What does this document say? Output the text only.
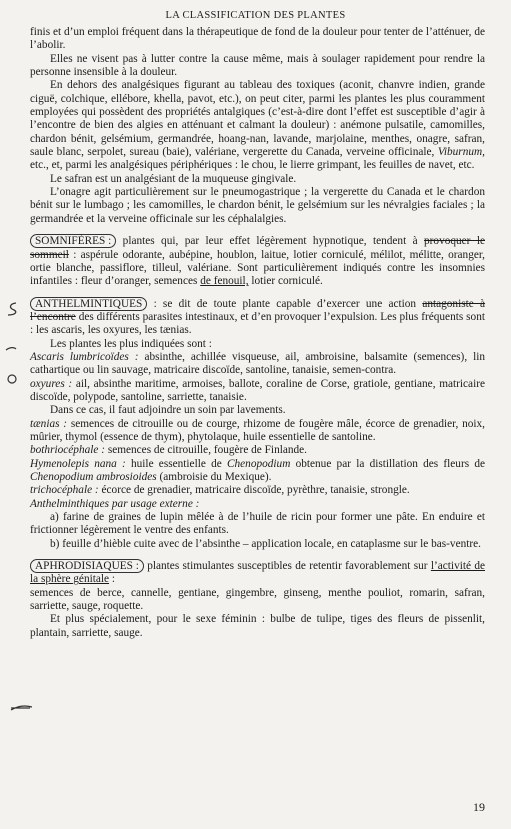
LA CLASSIFICATION DES PLANTES

finis et d’un emploi fréquent dans la thérapeutique de fond de la douleur pour tenter de l’atténuer, de l’abolir.

Elles ne visent pas à lutter contre la cause même, mais à soulager rapidement pour rendre la personne insensible à la douleur.

En dehors des analgésiques figurant au tableau des toxiques (aconit, chanvre indien, grande ciguë, colchique, ellébore, khella, pavot, etc.), on peut citer, parmi les plantes les plus couramment employées qui possèdent des propriétés antalgiques (c’est-à-dire dont l’effet est susceptible d’agir à l’encontre de bien des algies en atténuant et calmant la douleur) : anémone pulsatile, camomilles, chardon bénit, gelsémium, germandrée, hoang-nan, lavande, marjolaine, menthes, onagre, safran, saule blanc, serpolet, sureau (baie), valériane, vergerette du Canada, verveine officinale, Viburnum, etc., et, parmi les analgésiques périphériques : le chou, le lierre grimpant, les feuilles de navet, etc.

Le safran est un analgésiant de la muqueuse gingivale.

L’onagre agit particulièrement sur le pneumogastrique ; la vergerette du Canada et le chardon bénit sur le lumbago ; les camomilles, le chardon bénit, le gelsémium sur les névralgies faciales ; la germandrée et la verveine officinale sur les céphalalgies.

SOMNIFÈRES : plantes qui, par leur effet légèrement hypnotique, tendent à provoquer le sommeil : aspérule odorante, aubépine, houblon, laitue, lotier corniculé, mélilot, mélitte, oranger, ortie blanche, passiflore, tilleul, valériane. Sont particulièrement indiqués contre les insomnies infantiles : fleur d’oranger, semences de fenouil, lotier corniculé.

ANTHELMINTIQUES : se dit de toute plante capable d’exercer une action antagoniste à l’encontre des différents parasites intestinaux, et d’en provoquer l’expulsion. Les plus fréquents sont : les ascaris, les oxyures, les tænias.

Les plantes les plus indiquées sont :

Ascaris lumbricoïdes : absinthe, achillée visqueuse, ail, ambroisine, balsamite (semences), lin cathartique ou lin sauvage, matricaire discoïde, santoline, tanaisie, semen-contra.

oxyures : ail, absinthe maritime, armoises, ballote, coraline de Corse, gratiole, gentiane, matricaire discoïde, polypode, santoline, sarriette, tanaisie.

Dans ce cas, il faut adjoindre un soin par lavements.

tænias : semences de citrouille ou de courge, rhizome de fougère mâle, écorce de grenadier, noix, mûrier, thymol (essence de thym), phytolaque, huile essentielle de santoline.

bothriocéphale : semences de citrouille, fougère de Finlande.

Hymenolepis nana : huile essentielle de Chenopodium obtenue par la distillation des fleurs de Chenopodium ambrosioides (ambroisie du Mexique).

trichocéphale : écorce de grenadier, matricaire discoïde, pyrèthre, tanaisie, strongle.

Anthelminthiques par usage externe :

a) farine de graines de lupin mêlée à de l’huile de ricin pour former une pâte. En enduire et frictionner légèrement le ventre des enfants.

b) feuille d’hièble cuite avec de l’absinthe – application locale, en cataplasme sur le bas-ventre.

APHRODISIAQUES : plantes stimulantes susceptibles de retentir favorablement sur l’activité de la sphère génitale :

semences de berce, cannelle, gentiane, gingembre, ginseng, menthe pouliot, romarin, safran, sarriette, sauge, roquette.

Et plus spécialement, pour le sexe féminin : bulbe de tulipe, tiges des fleurs de pissenlit, plantain, sarriette, sauge.

19
